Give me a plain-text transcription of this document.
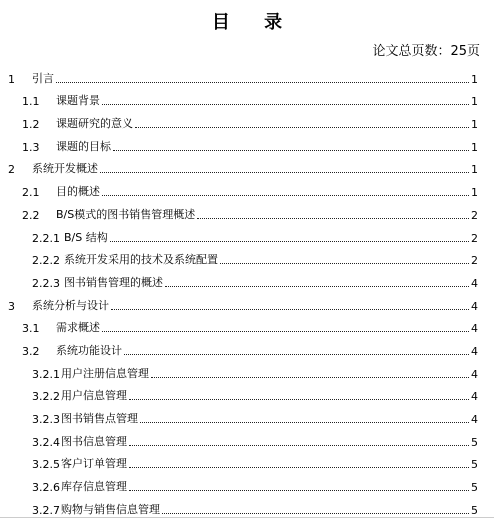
目 录
论文总页数：25页
1	引言	1
1.1	课题背景	1
1.2	课题研究的意义	1
1.3	课题的目标	1
2	系统开发概述	1
2.1	目的概述	1
2.2	B/S模式的图书销售管理概述	2
2.2.1 B/S 结构	2
2.2.2 系统开发采用的技术及系统配置	2
2.2.3 图书销售管理的概述	4
3	系统分析与设计	4
3.1	需求概述	4
3.2	系统功能设计	4
3.2.1 用户注册信息管理	4
3.2.2 用户信息管理	4
3.2.3 图书销售点管理	4
3.2.4 图书信息管理	5
3.2.5 客户订单管理	5
3.2.6 库存信息管理	5
3.2.7 购物与销售信息管理	5
